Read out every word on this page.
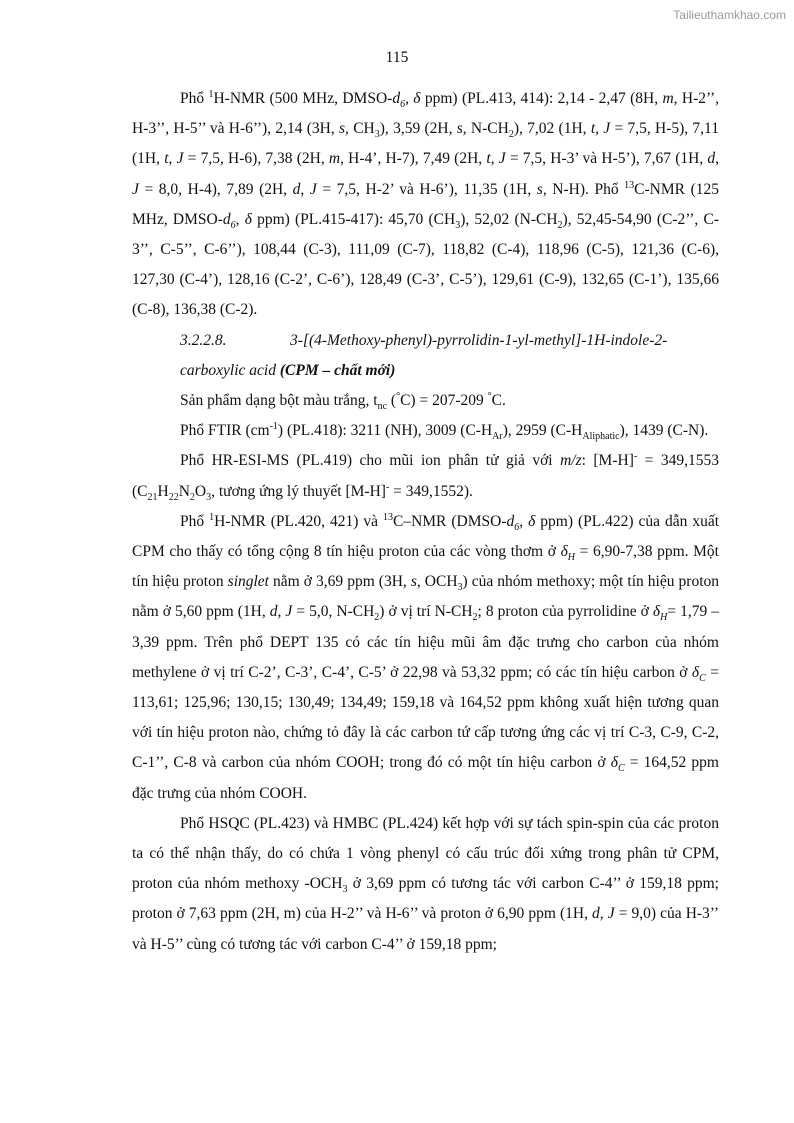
Tailieuthamkhao.com
115

Phổ $^1$H-NMR (500 MHz, DMSO-$d_6$, δ ppm) (PL.413, 414): 2,14 - 2,47 (8H, m, H-2’’, H-3’’, H-5’’ và H-6’’), 2,14 (3H, s, $CH_3$), 3,59 (2H, s, $N-CH_2$), 7,02 (1H, t, J = 7,5, H-5), 7,11 (1H, t, J = 7,5, H-6), 7,38 (2H, m, H-4’, H-7), 7,49 (2H, t, J = 7,5, H-3’ và H-5’), 7,67 (1H, d, J = 8,0, H-4), 7,89 (2H, d, J = 7,5, H-2’ và H-6’), 11,35 (1H, s, N-H). Phổ $^{13}$C-NMR (125 MHz, DMSO-$d_6$, δ ppm) (PL.415-417): 45,70 $(CH_3)$, 52,02 $(N-CH_2)$, 52,45-54,90 (C-2’’, C-3’’, C-5’’, C-6’’), 108,44 (C-3), 111,09 (C-7), 118,82 (C-4), 118,96 (C-5), 121,36 (C-6), 127,30 (C-4’), 128,16 (C-2’, C-6’), 128,49 (C-3’, C-5’), 129,61 (C-9), 132,65 (C-1’), 135,66 (C-8), 136,38 (C-2).

3.2.2.8.	3-[(4-Methoxy-phenyl)-pyrrolidin-1-yl-methyl]-1H-indole-2-carboxylic acid (CPM – chất mới)

Sản phẩm dạng bột màu trắng, $t_{nc}$ (°C) = 207-209 °C.

Phổ FTIR $(cm^{-1})$ (PL.418): 3211 (NH), 3009 $(C-H_{Ar})$, 2959 $(C-H_{Aliphatic})$, 1439 (C-N).

Phổ HR-ESI-MS (PL.419) cho mũi ion phân tử giả với m/z: [M-H]- = 349,1553 ($C_{21}H_{22}N_2O_3$, tương ứng lý thuyết [M-H]- = 349,1552).

Phổ $^1$H-NMR (PL.420, 421) và $^{13}$C–NMR ($DMSO-d_6$, δ ppm) (PL.422) của dẫn xuất CPM cho thấy có tổng cộng 8 tín hiệu proton của các vòng thơm ở $\delta_H = 6,90-7,38$ ppm. Một tín hiệu proton singlet nằm ở 3,69 ppm (3H, s, $OCH_3$) của nhóm methoxy; một tín hiệu proton nằm ở 5,60 ppm (1H, d, J = 5,0, $N-CH_2$) ở vị trí $N-CH_2$; 8 proton của pyrrolidine ở $\delta_H= 1,79 - 3,39$ ppm. Trên phổ DEPT 135 có các tín hiệu mũi âm đặc trưng cho carbon của nhóm methylene ở vị trí C-2’, C-3’, C-4’, C-5’ ở 22,98 và 53,32 ppm; có các tín hiệu carbon ở $\delta_C = 113,61$; 125,96; 130,15; 130,49; 134,49; 159,18 và 164,52 ppm không xuất hiện tương quan với tín hiệu proton nào, chứng tỏ đây là các carbon tứ cấp tương ứng các vị trí C-3, C-9, C-2, C-1’’, C-8 và carbon của nhóm COOH; trong đó có một tín hiệu carbon ở $\delta_C = 164,52$ ppm đặc trưng của nhóm COOH.

Phổ HSQC (PL.423) và HMBC (PL.424) kết hợp với sự tách spin-spin của các proton ta có thể nhận thấy, do có chứa 1 vòng phenyl có cấu trúc đối xứng trong phân tử CPM, proton của nhóm methoxy $-OCH_3$ ở 3,69 ppm có tương tác với carbon C-4’’ ở 159,18 ppm; proton ở 7,63 ppm (2H, m) của H-2’’ và H-6’’ và proton ở 6,90 ppm (1H, d, J = 9,0) của H-3’’ và H-5’’ cùng có tương tác với carbon C-4’’ ở 159,18 ppm;
